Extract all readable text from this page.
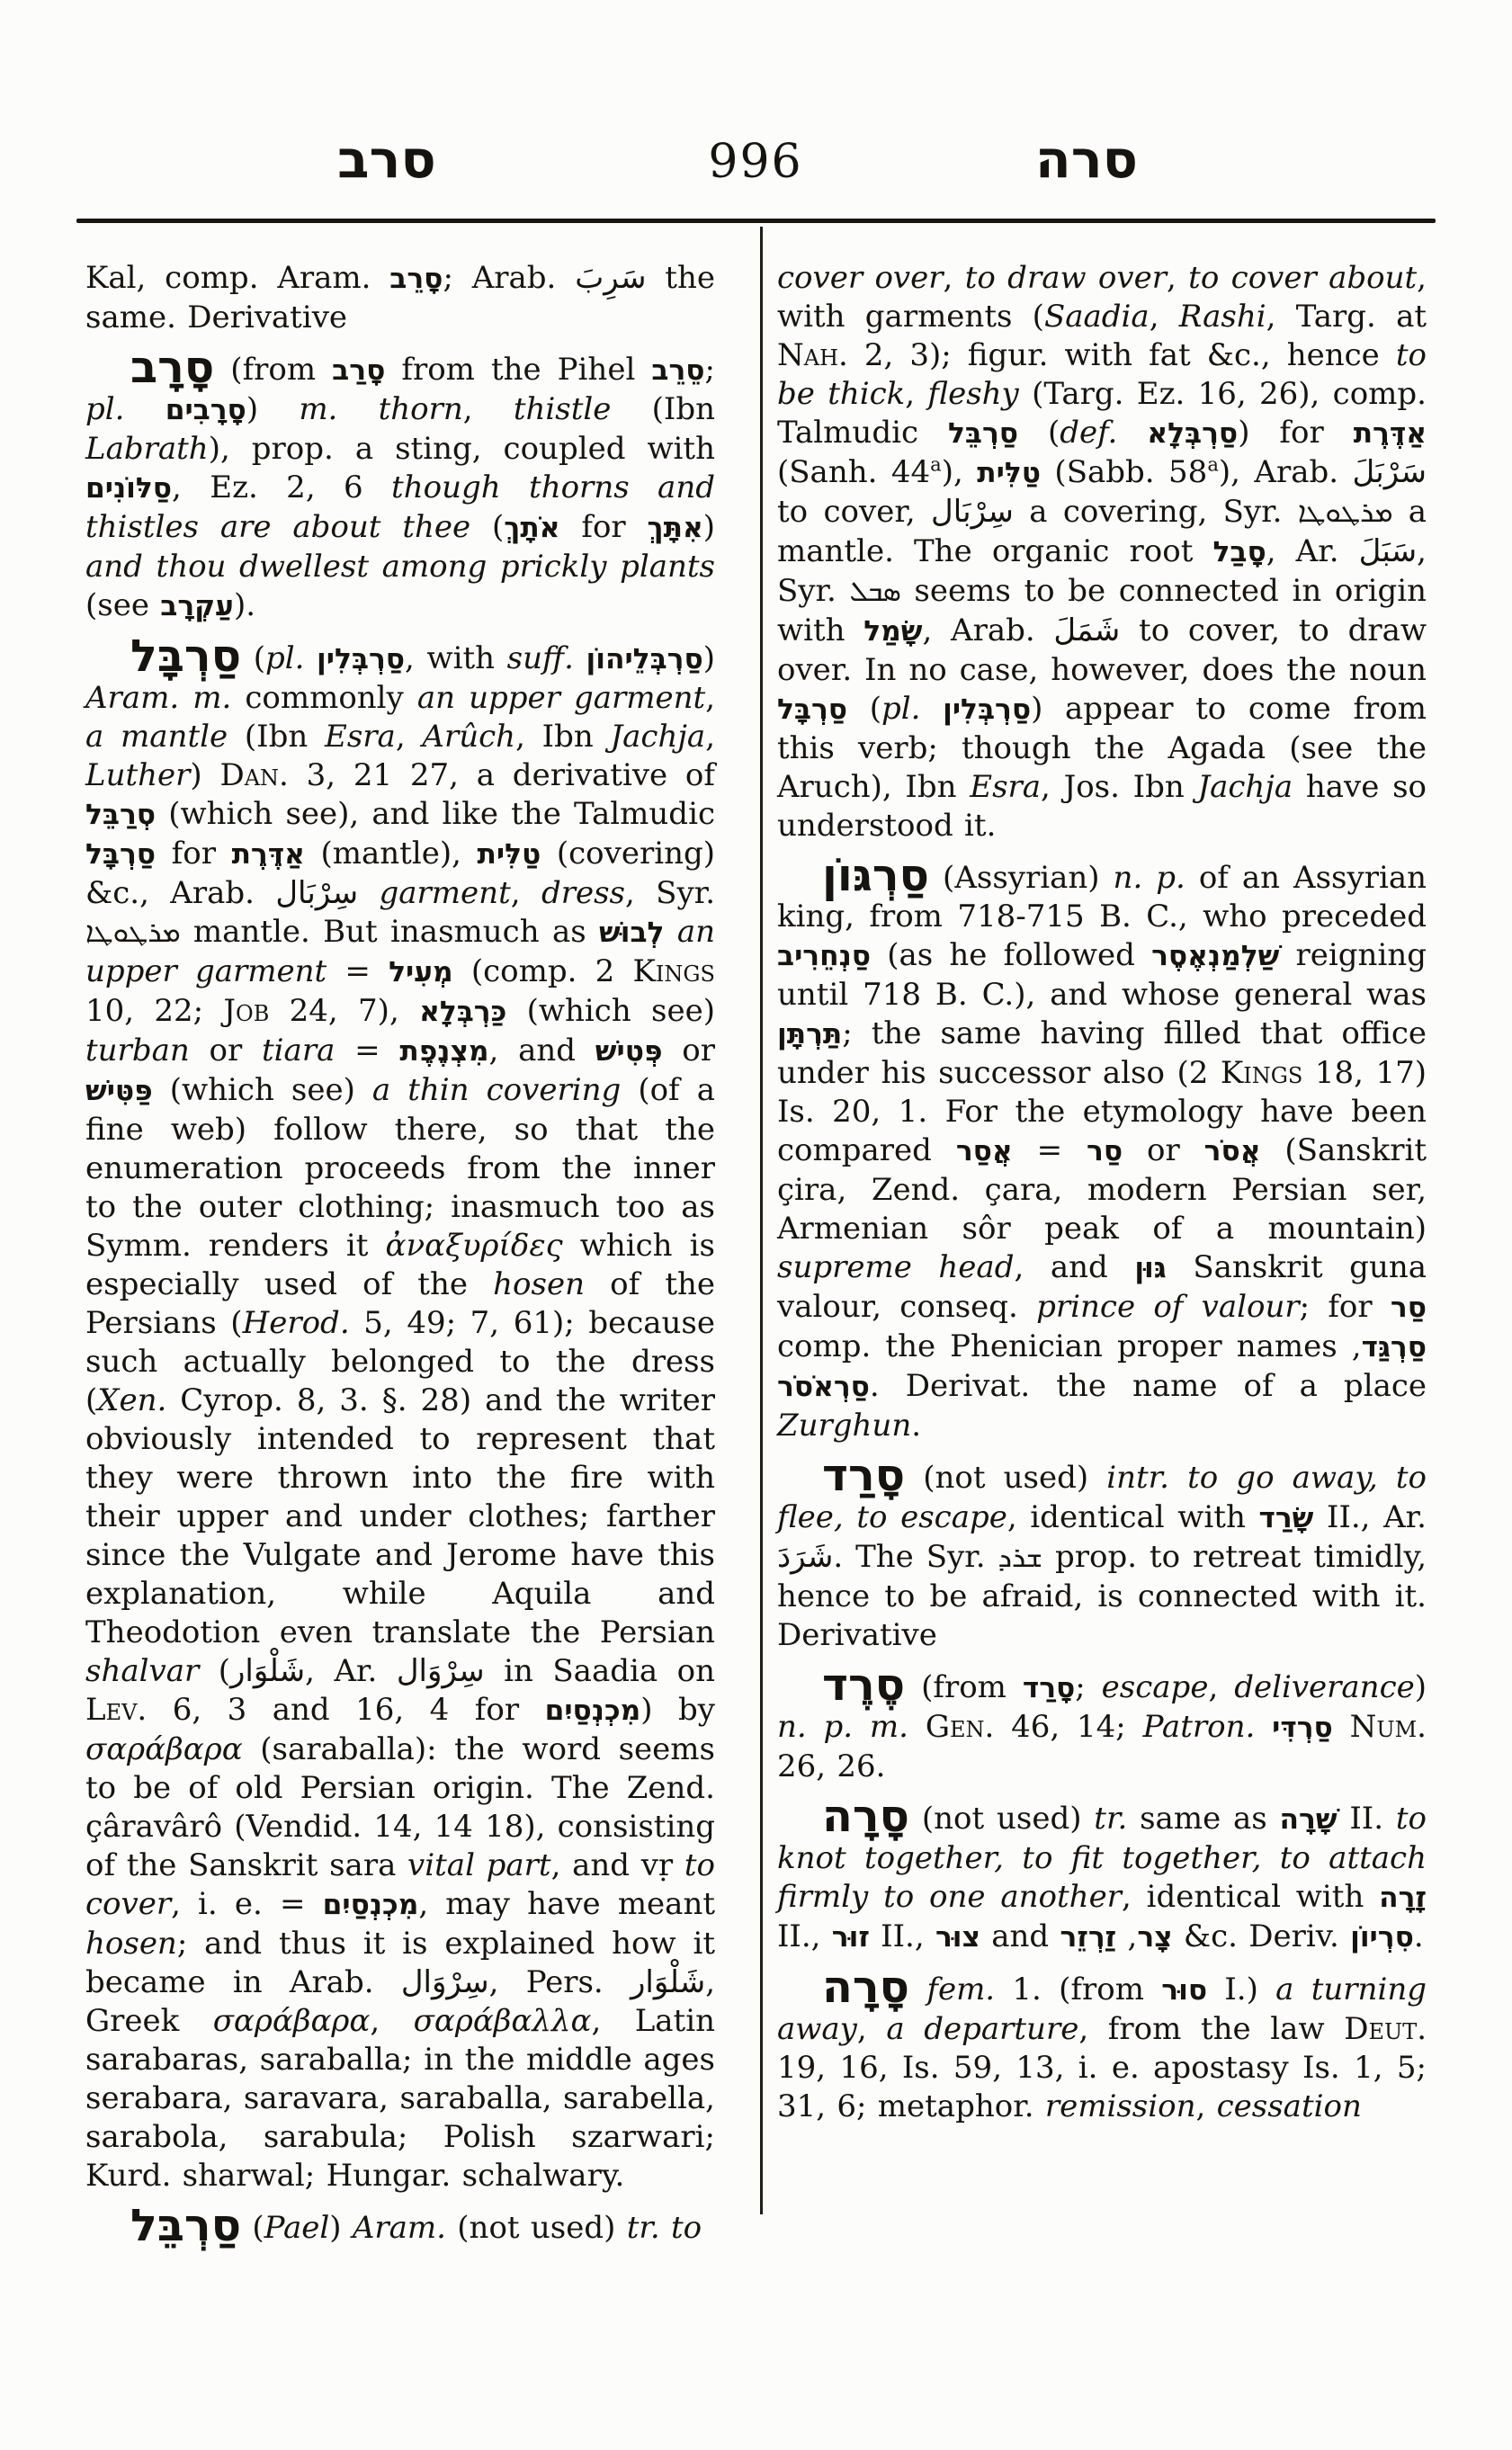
סרב	996	סרה
Kal, comp. Aram. סָרֵב; Arab. سَرِبَ the same. Derivative
סָרָב (from סָרַב from the Pihel סֵרֵב; pl. סָרָבִים) m. thorn, thistle (Ibn Labrath), prop. a sting, coupled with סַלּוֹנִים, Ez. 2, 6 though thorns and thistles are about thee (אֹתָךְ for אִתָּךְ) and thou dwellest among prickly plants (see עַקְרָב).
סַרְבָּל (pl. סַרְבְּלִין, with suff. סַרְבְּלֵיהוֹן) Aram. m. commonly an upper garment, a mantle (Ibn Esra, Arûch, Ibn Jachja, Luther) Dan. 3, 21 27, a derivative of סְרַבֵּל (which see), and like the Talmudic סַרְבָּל for אַדֶּרֶת (mantle), טַלִּית (covering) &c., Arab. سِرْبَال garment, dress, Syr. ܡܪܛܘܛܐ mantle. But inasmuch as לְבוּשׁ an upper garment = מְעִיל (comp. 2 Kings 10, 22; Job 24, 7), כַּרְבְּלָא (which see) turban or tiara = מִצְנֶפֶת, and פְּטִישׁ or פַּטִּישׁ (which see) a thin covering (of a fine web) follow there, so that the enumeration proceeds from the inner to the outer clothing; inasmuch too as Symm. renders it ἀναξυρίδες which is especially used of the hosen of the Persians (Herod. 5, 49; 7, 61); because such actually belonged to the dress (Xen. Cyrop. 8, 3. §. 28) and the writer obviously intended to represent that they were thrown into the fire with their upper and under clothes; farther since the Vulgate and Jerome have this explanation, while Aquila and Theodotion even translate the Persian shalvar (شَلْوَار, Ar. سِرْوَال in Saadia on Lev. 6, 3 and 16, 4 for מִכְנְסַיִם) by σαράβαρα (saraballa): the word seems to be of old Persian origin. The Zend. çâravârô (Vendid. 14, 14 18), consisting of the Sanskrit sara vital part, and vṛ to cover, i. e. = מִכְנְסַיִם, may have meant hosen; and thus it is explained how it became in Arab. سِرْوَال, Pers. شَلْوَار, Greek σαράβαρα, σαράβαλλα, Latin sarabaras, saraballa; in the middle ages serabara, saravara, saraballa, sarabella, sarabola, sarabula; Polish szarwari; Kurd. sharwal; Hungar. schalwary.
סַרְבֵּל (Pael) Aram. (not used) tr. to
cover over, to draw over, to cover about, with garments (Saadia, Rashi, Targ. at Nah. 2, 3); figur. with fat &c., hence to be thick, fleshy (Targ. Ez. 16, 26), comp. Talmudic סַרְבֵּל (def. סַרְבְּלָא) for אַדֶּרֶת (Sanh. 44$^a$), טַלִּית (Sabb. 58$^a$), Arab. سَرْبَلَ to cover, سِرْبَال a covering, Syr. ܡܪܛܘܛܐ a mantle. The organic root סָבַל, Ar. سَبَلَ, Syr. ܣܒܠ seems to be connected in origin with שָׂמַל, Arab. شَمَلَ to cover, to draw over. In no case, however, does the noun סַרְבָּל (pl. סַרְבְּלִין) appear to come from this verb; though the Agada (see the Aruch), Ibn Esra, Jos. Ibn Jachja have so understood it.
סַרְגּוֹן (Assyrian) n. p. of an Assyrian king, from 718-715 B. C., who preceded סַנְחֵרִיב (as he followed שַׁלְמַנְאֶסֶר reigning until 718 B. C.), and whose general was תַּרְתָּן; the same having filled that office under his successor also (2 Kings 18, 17) Is. 20, 1. For the etymology have been compared	סַר = אֲסַר	or אֲסֹר (Sanskrit çira, Zend. çara, modern Persian ser, Armenian sôr peak of a mountain) supreme head, and גּוּן Sanskrit guna valour, conseq. prince of valour; for סַר comp. the Phenician proper names סַרְגַּד, סַרְאֹסֹר. Derivat. the name of a place Zurghun.
סָרַד (not used) intr. to go away, to flee, to escape, identical with שָׂרַד II., Ar. شَرَدَ. The Syr. ܫܪܕ prop. to retreat timidly, hence to be afraid, is connected with it. Derivative
סֶרֶד (from סָרַד; escape, deliverance) n. p. m. Gen. 46, 14; Patron. סַרְדִּי Num. 26, 26.
סָרָה (not used) tr. same as שָׁרָה II. to knot together, to fit together, to attach firmly to one another, identical with זָרָה II., זוּר II., צוּר and	צָר, זַרְזֵר &c. Deriv. סִרְיוֹן.
סָרָה fem. 1. (from סוּר I.) a turning away, a departure, from the law Deut. 19, 16, Is. 59, 13, i. e. apostasy Is. 1, 5; 31, 6; metaphor. remission, cessation
